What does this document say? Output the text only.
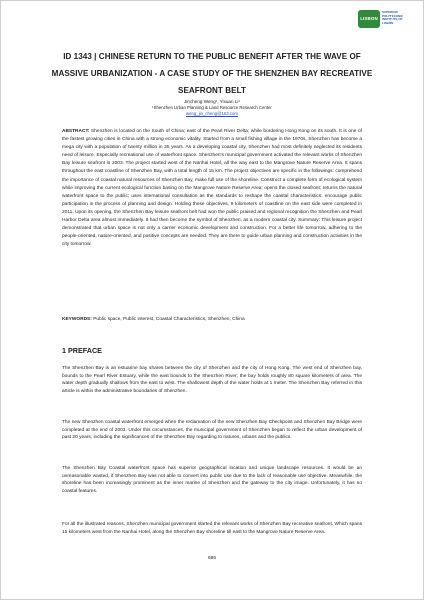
LISBON
SUPERIOR POLYTECHNIC INSTITUTE OF LISBON
ID 1343 | CHINESE RETURN TO THE PUBLIC BENEFIT AFTER THE WAVE OF MASSIVE URBANIZATION - A CASE STUDY OF THE SHENZHEN BAY RECREATIVE SEAFRONT BELT
Jincheng Weng¹, Yixuan Li¹
¹Shenzhen Urban Planning & Land Resource Research Center
weng_jin_cheng@163.com
ABSTRACT: Shenzhen is located on the South of China; east of the Pearl River Delta; while bordering Hong Kong on its south. It is one of the fastest growing cities in China with a strong economic vitality. Started from a small fishing village in the 1970s, Shenzhen has become a mega city with a population of twenty million in 35 years. As a developing coastal city, Shenzhen had most definitely neglected its residents need of leisure. Especially recreational use of waterfront space. Shenzhen's municipal government activated the relevant works of Shenzhen Bay leisure seafront in 2003. The project started west of the Nanhai Hotel, all the way east to the Mangrove Nature Reserve Area. It spans throughout the east coastline of Shenzhen Bay, with a total length of 15 km. The project objectives are specific in the followings: comprehend the importance of coastal natural resources of Shenzhen Bay, make full use of the shoreline. Construct a complete form of ecological system while improving the current ecological function basing on the Mangrove Nature Reserve Area; opens the closed seafront; returns the natural waterfront space to the public; uses international consultation as the standards to reshape the coastal characteristics; encourage public participation in the process of planning and design. Holding these objectives, 9 kilometers of coastline on the east side were completed in 2011. Upon its opening, the Shenzhen Bay leisure seafront belt had won the public praised and regional recognition the Shenzhen and Pearl Harbor Delta area almost immediately. It had then become the symbol of Shenzhen, as a modern coastal city. Summary: This leisure project demonstrated that urban space is not only a carrier economic development and construction. For a better life tomorrow, adhering to the people-oriented, nature-oriented, and positive concepts are needed. They are there to guide urban planning and construction activities in the city tomorrow.
KEYWORDS: Public space, Public interest, Coastal Characteristics, Shenzhen, China
1 PREFACE

The Shenzhen Bay is an estuarine bay shares between the city of Shenzhen and the city of Hong Kong. The west end of Shenzhen bay, bounds to the Pearl River Estuary, while the east bounds to the Shenzhen River; the bay holds roughly 80 square kilometers of area. The water depth gradually shallows from the east to west. The shallowest depth of the water holds at 1 meter. The Shenzhen Bay referred in this article is within the administrative boundaries of Shenzhen.

The new Shenzhen coastal waterfront emerged when the reclamation of the new Shenzhen Bay Checkpoint and Shenzhen Bay Bridge were completed at the end of 2003. Under this circumstances, the municipal government of Shenzhen began to reflect the urban development of past 20 years, including the significances of the Shenzhen Bay regarding to natures, urbans and the publics.

The Shenzhen Bay Coastal waterfront space has superior geographical location and unique landscape resources. It would be an unreasonable wasted, if Shenzhen Bay was not able to convert into public use due to the lack of reasonable use objective. Meanwhile, the shoreline has been increasingly prominent as the inner marine of Shenzhen and the gateway to the city image. Unfortunately, it has no coastal features.

For all the illustrated reasons, Shenzhen municipal government started the relevant works of Shenzhen Bay recreative seafront. Which spans 15 kilometers west from the Nanhai Hotel, along the Shenzhen Bay shoreline till east to the Mangrove Nature Reserve Area.

686
